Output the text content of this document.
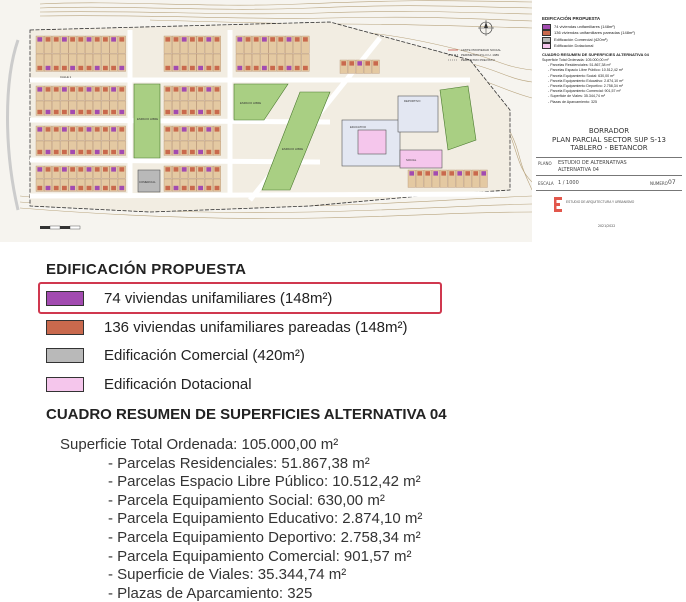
ESPACIO LIBRE
COMERCIAL
EDUCATIVO
DEPORTIVO
ESPACIO LIBRE
ESPACIO LIBRE
SOCIAL
CALLE 1
LIMITE PROPIEDAD SOCIAL
PERIMETRO P.G.O.U. 1989
PERIMETRO PREVISTO
EDIFICACIÓN PROPUESTA
74 viviendas unifamiliares (148m²)
136 viviendas unifamiliares pareadas (148m²)
Edificación Comercial (420m²)
Edificación Dotacional
CUADRO RESUMEN DE SUPERFICIES ALTERNATIVA 04
Superficie Total Ordenada: 105.000,00 m²
- Parcelas Residenciales: 51.867,38 m²
- Parcelas Espacio Libre Público: 10.512,42 m²
- Parcela Equipamiento Social: 630,00 m²
- Parcela Equipamiento Educativo: 2.874,10 m²
- Parcela Equipamiento Deportivo: 2.758,34 m²
- Parcela Equipamiento Comercial: 901,57 m²
- Superficie de Viales: 35.344,74 m²
- Plazas de Aparcamiento: 325
BORRADOR
PLAN PARCIAL SECTOR SUP S-13
TABLERO - BETANCOR
PLANO ESTUDIO DE ALTERNATIVAS
ALTERNATIVA 04
ESCALA 1 / 1000	NUMERO 07
ESTUDIO DE ARQUITECTURA Y URBANISMO
2021/2022
EDIFICACIÓN PROPUESTA
74 viviendas unifamiliares (148m²)
136 viviendas unifamiliares pareadas (148m²)
Edificación Comercial (420m²)
Edificación Dotacional
CUADRO RESUMEN DE SUPERFICIES ALTERNATIVA 04
Superficie Total Ordenada: 105.000,00 m²
- Parcelas Residenciales: 51.867,38 m²
- Parcelas Espacio Libre Público: 10.512,42 m²
- Parcela Equipamiento Social: 630,00 m²
- Parcela Equipamiento Educativo: 2.874,10 m²
- Parcela Equipamiento Deportivo: 2.758,34 m²
- Parcela Equipamiento Comercial: 901,57 m²
- Superficie de Viales: 35.344,74 m²
- Plazas de Aparcamiento: 325
